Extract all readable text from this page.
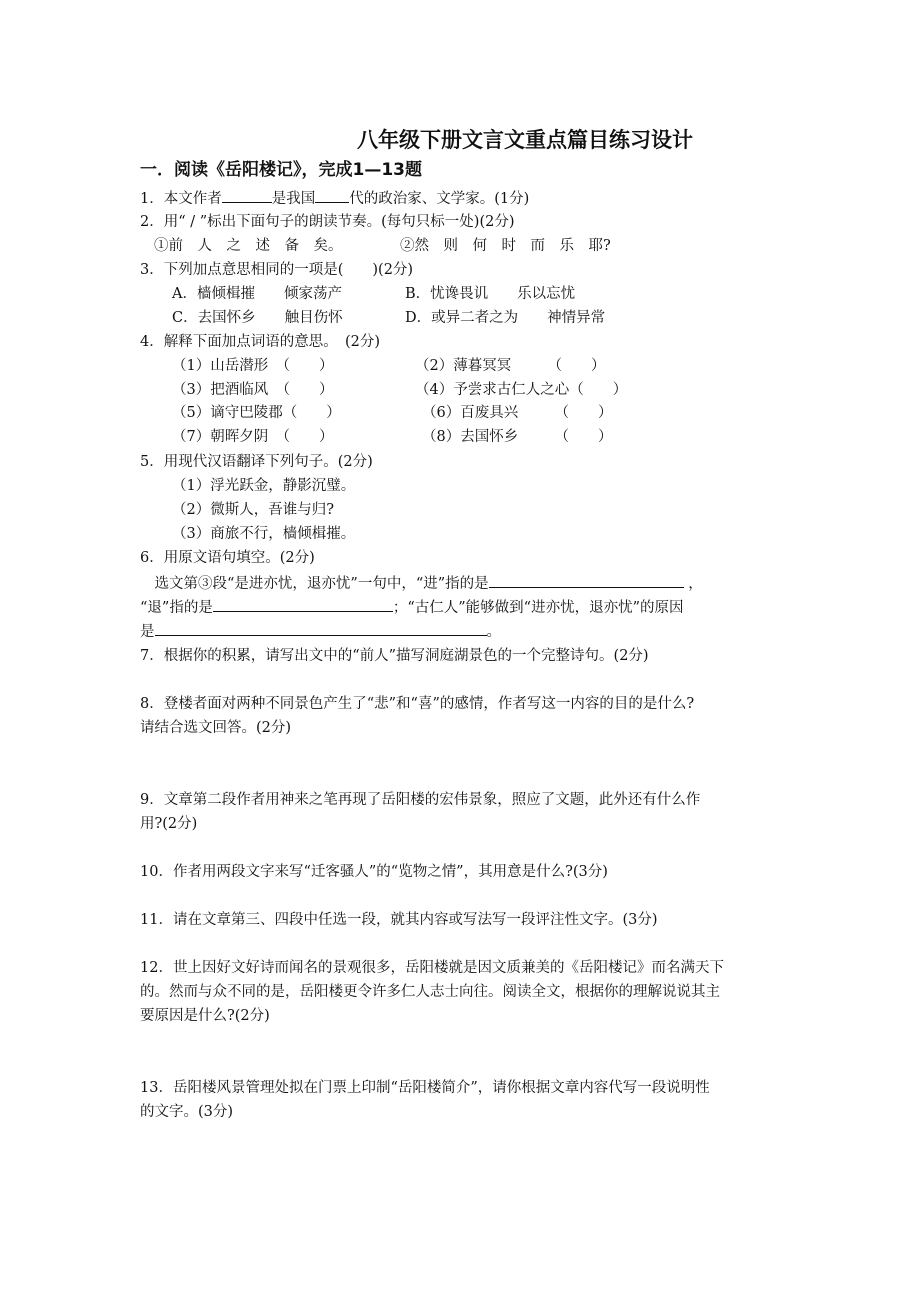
八年级下册文言文重点篇目练习设计
一．阅读《岳阳楼记》，完成1—13题
1．本文作者	是我国 代的政治家、文学家。(1分)
2．用“ / ”标出下面句子的朗读节奏。(每句只标一处)(2分)
①前　人　之　述　备　矣。	②然　则　何　时　而　乐　耶?
3．下列加点意思相同的一项是(　　)(2分)
A．樯倾楫摧　　倾家荡产	B．忧谗畏讥　　乐以忘忧
C．去国怀乡　　触目伤怀	D．或异二者之为　　神情异常
4．解释下面加点词语的意思。　(2分)
（1）山岳潜形　（　　）	（2）薄暮冥冥　　　（　　）
（3）把酒临风　（　　）	（4）予尝求古仁人之心（　　）
（5）谪守巴陵郡（　　）	（6）百废具兴　　　（　　）
（7）朝晖夕阴　（　　）	（8）去国怀乡　　　（　　）
5．用现代汉语翻译下列句子。(2分)
（1）浮光跃金，静影沉璧。
（2）微斯人，吾谁与归?
（3）商旅不行，樯倾楫摧。
6．用原文语句填空。(2分)
　选文第③段“是进亦忧，退亦忧”一句中，“进”指的是	，
“退”指的是	；“古仁人”能够做到“进亦忧，退亦忧”的原因
是	。
7．根据你的积累，请写出文中的“前人”描写洞庭湖景色的一个完整诗句。(2分)
8．登楼者面对两种不同景色产生了“悲”和“喜”的感情，作者写这一内容的目的是什么?
请结合选文回答。(2分)
9．文章第二段作者用神来之笔再现了岳阳楼的宏伟景象，照应了文题，此外还有什么作
用?(2分)
10．作者用两段文字来写“迁客骚人”的“览物之情”，其用意是什么?(3分)
11．请在文章第三、四段中任选一段，就其内容或写法写一段评注性文字。(3分)
12．世上因好文好诗而闻名的景观很多，岳阳楼就是因文质兼美的《岳阳楼记》而名满天下
的。然而与众不同的是，岳阳楼更令许多仁人志士向往。阅读全文，根据你的理解说说其主
要原因是什么?(2分)
13．岳阳楼风景管理处拟在门票上印制“岳阳楼简介”，请你根据文章内容代写一段说明性
的文字。(3分)
